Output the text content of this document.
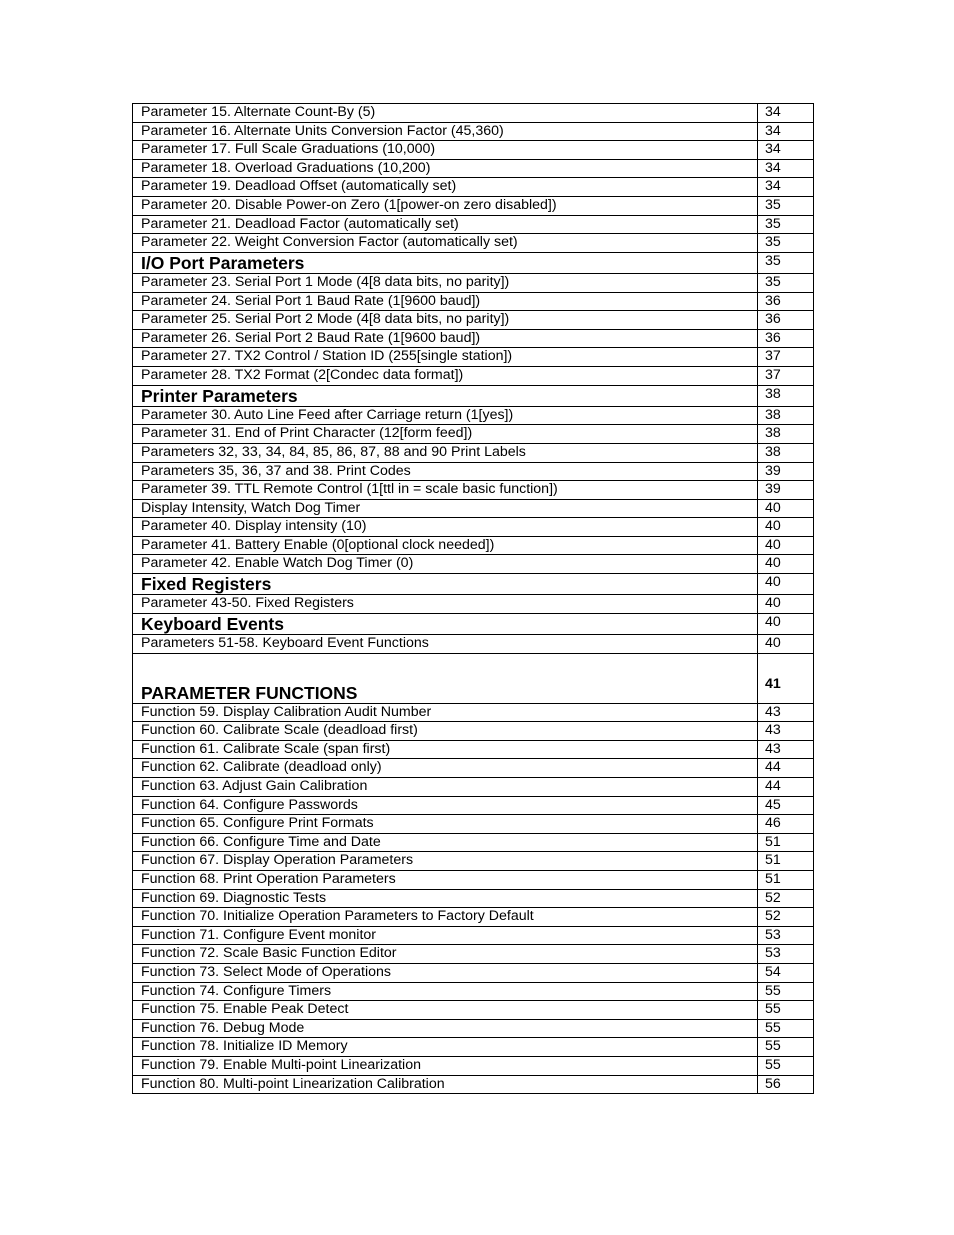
Parameter 15. Alternate Count-By (5)	34
Parameter 16. Alternate Units Conversion Factor (45,360)	34
Parameter 17. Full Scale Graduations (10,000)	34
Parameter 18. Overload Graduations (10,200)	34
Parameter 19. Deadload Offset (automatically set)	34
Parameter 20. Disable Power-on Zero (1[power-on zero disabled])	35
Parameter 21. Deadload Factor (automatically set)	35
Parameter 22. Weight Conversion Factor (automatically set)	35
I/O Port Parameters	35
Parameter 23. Serial Port 1 Mode (4[8 data bits, no parity])	35
Parameter 24. Serial Port 1 Baud Rate (1[9600 baud])	36
Parameter 25. Serial Port 2 Mode (4[8 data bits, no parity])	36
Parameter 26. Serial Port 2 Baud Rate (1[9600 baud])	36
Parameter 27. TX2 Control / Station ID (255[single station])	37
Parameter 28. TX2 Format (2[Condec data format])	37
Printer Parameters	38
Parameter 30. Auto Line Feed after Carriage return (1[yes])	38
Parameter 31. End of Print Character (12[form feed])	38
Parameters 32, 33, 34, 84, 85, 86, 87, 88 and 90 Print Labels	38
Parameters 35, 36, 37 and 38. Print Codes	39
Parameter 39. TTL Remote Control (1[ttl in = scale basic function])	39
Display Intensity, Watch Dog Timer	40
Parameter 40. Display intensity (10)	40
Parameter 41. Battery Enable (0[optional clock needed])	40
Parameter 42. Enable Watch Dog Timer (0)	40
Fixed Registers	40
Parameter 43-50. Fixed Registers	40
Keyboard Events	40
Parameters 51-58. Keyboard Event Functions	40
PARAMETER FUNCTIONS	41
Function 59. Display Calibration Audit Number	43
Function 60. Calibrate Scale (deadload first)	43
Function 61. Calibrate Scale (span first)	43
Function 62. Calibrate (deadload only)	44
Function 63. Adjust Gain Calibration	44
Function 64. Configure Passwords	45
Function 65. Configure Print Formats	46
Function 66. Configure Time and Date	51
Function 67. Display Operation Parameters	51
Function 68. Print Operation Parameters	51
Function 69. Diagnostic Tests	52
Function 70. Initialize Operation Parameters to Factory Default	52
Function 71. Configure Event monitor	53
Function 72. Scale Basic Function Editor	53
Function 73. Select Mode of Operations	54
Function 74. Configure Timers	55
Function 75. Enable Peak Detect	55
Function 76. Debug Mode	55
Function 78. Initialize ID Memory	55
Function 79. Enable Multi-point Linearization	55
Function 80. Multi-point Linearization Calibration	56
